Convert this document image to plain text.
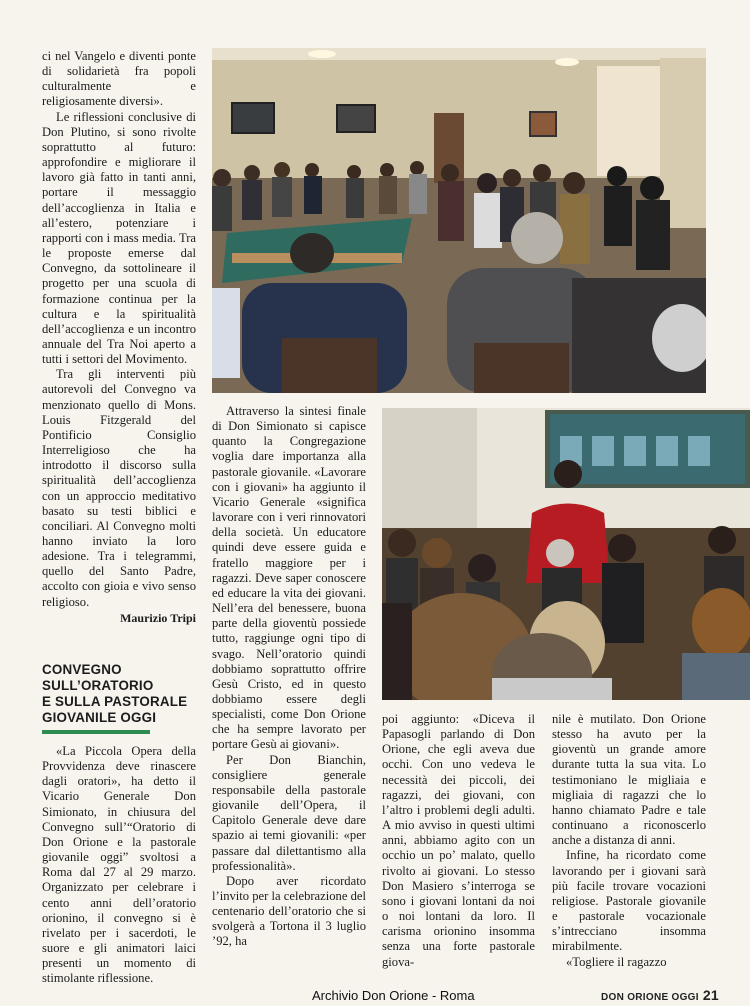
ci nel Vangelo e diventi ponte di solidarietà fra popoli culturalmente e religiosamente diversi».

Le riflessioni conclusive di Don Plutino, si sono rivolte soprattutto al futuro: approfondire e migliorare il lavoro già fatto in tanti anni, portare il messaggio dell’accoglienza in Italia e all’estero, potenziare i rapporti con i mass media. Tra le proposte emerse dal Convegno, da sottolineare il progetto per una scuola di formazione continua per la cultura e la spiritualità dell’accoglienza e un incontro annuale del Tra Noi aperto a tutti i settori del Movimento.

Tra gli interventi più autorevoli del Convegno va menzionato quello di Mons. Louis Fitzgerald del Pontificio Consiglio Interreligioso che ha introdotto il discorso sulla spiritualità dell’accoglienza con un approccio meditativo basato su testi biblici e conciliari. Al Convegno molti hanno inviato la loro adesione. Tra i telegrammi, quello del Santo Padre, accolto con gioia e vivo senso religioso.

Maurizio Tripi
CONVEGNO
SULL’ORATORIO
E SULLA PASTORALE
GIOVANILE OGGI

«La Piccola Opera della Provvidenza deve rinascere dagli oratori», ha detto il Vicario Generale Don Simionato, in chiusura del Convegno sull’“Oratorio di Don Orione e la pastorale giovanile oggi” svoltosi a Roma dal 27 al 29 marzo. Organizzato per celebrare i cento anni dell’oratorio orionino, il convegno si è rivelato per i sacerdoti, le suore e gli animatori laici presenti un momento di stimolante riflessione.

Attraverso la sintesi finale di Don Simionato si capisce quanto la Congregazione voglia dare importanza alla pastorale giovanile. «Lavorare con i giovani» ha aggiunto il Vicario Generale «significa lavorare con i veri rinnovatori della società. Un educatore quindi deve essere guida e fratello maggiore per i ragazzi. Deve saper conoscere ed educare la vita dei giovani. Nell’era del benessere, buona parte della gioventù possiede tutto, raggiunge ogni tipo di svago. Nell’oratorio quindi dobbiamo soprattutto offrire Gesù Cristo, ed in questo dobbiamo essere degli specialisti, come Don Orione che ha sempre lavorato per portare Gesù ai giovani».

Per Don Bianchin, consigliere generale responsabile della pastorale giovanile dell’Opera, il Capitolo Generale deve dare spazio ai temi giovanili: «per passare dal dilettantismo alla professionalità».

Dopo aver ricordato l’invito per la celebrazione del centenario dell’oratorio che si svolgerà a Tortona il 3 luglio ’92, ha

poi aggiunto: «Diceva il Papasogli parlando di Don Orione, che egli aveva due occhi. Con uno vedeva le necessità dei piccoli, dei ragazzi, dei giovani, con l’altro i problemi degli adulti. A mio avviso in questi ultimi anni, abbiamo agito con un occhio un po’ malato, quello rivolto ai giovani. Lo stesso Don Masiero s’interroga se sono i giovani lontani da noi o noi lontani da loro. Il carisma orionino insomma senza una forte pastorale giova-

nile è mutilato. Don Orione stesso ha avuto per la gioventù un grande amore durante tutta la sua vita. Lo testimoniano le migliaia e migliaia di ragazzi che lo hanno chiamato Padre e tale continuano a riconoscerlo anche a distanza di anni.

Infine, ha ricordato come lavorando per i giovani sarà più facile trovare vocazioni religiose. Pastorale giovanile e pastorale vocazionale s’intrecciano insomma mirabilmente.

«Togliere il ragazzo

Archivio Don Orione - Roma	DON ORIONE OGGI 21
